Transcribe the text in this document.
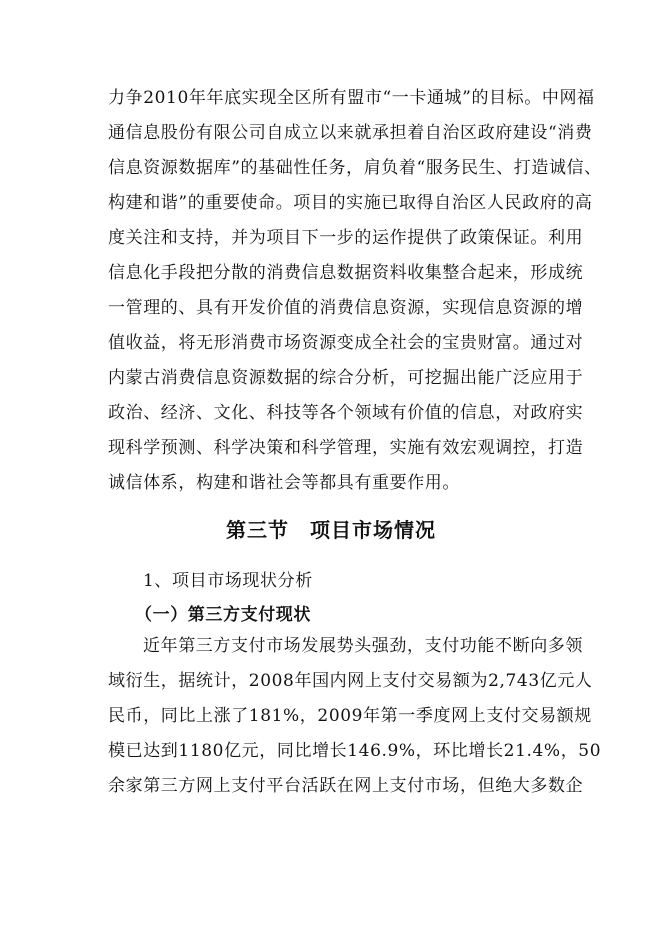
力争2010年年底实现全区所有盟市“一卡通城”的目标。中网福
通信息股份有限公司自成立以来就承担着自治区政府建设“消费
信息资源数据库”的基础性任务，肩负着“服务民生、打造诚信、
构建和谐”的重要使命。项目的实施已取得自治区人民政府的高
度关注和支持，并为项目下一步的运作提供了政策保证。利用
信息化手段把分散的消费信息数据资料收集整合起来，形成统
一管理的、具有开发价值的消费信息资源，实现信息资源的增
值收益，将无形消费市场资源变成全社会的宝贵财富。通过对
内蒙古消费信息资源数据的综合分析，可挖掘出能广泛应用于
政治、经济、文化、科技等各个领域有价值的信息，对政府实
现科学预测、科学决策和科学管理，实施有效宏观调控，打造
诚信体系，构建和谐社会等都具有重要作用。
第三节　项目市场情况
1、项目市场现状分析
（一）第三方支付现状
近年第三方支付市场发展势头强劲，支付功能不断向多领
域衍生，据统计，2008年国内网上支付交易额为2,743亿元人
民币，同比上涨了181%，2009年第一季度网上支付交易额规
模已达到1180亿元，同比增长146.9%，环比增长21.4%，50
余家第三方网上支付平台活跃在网上支付市场，但绝大多数企
